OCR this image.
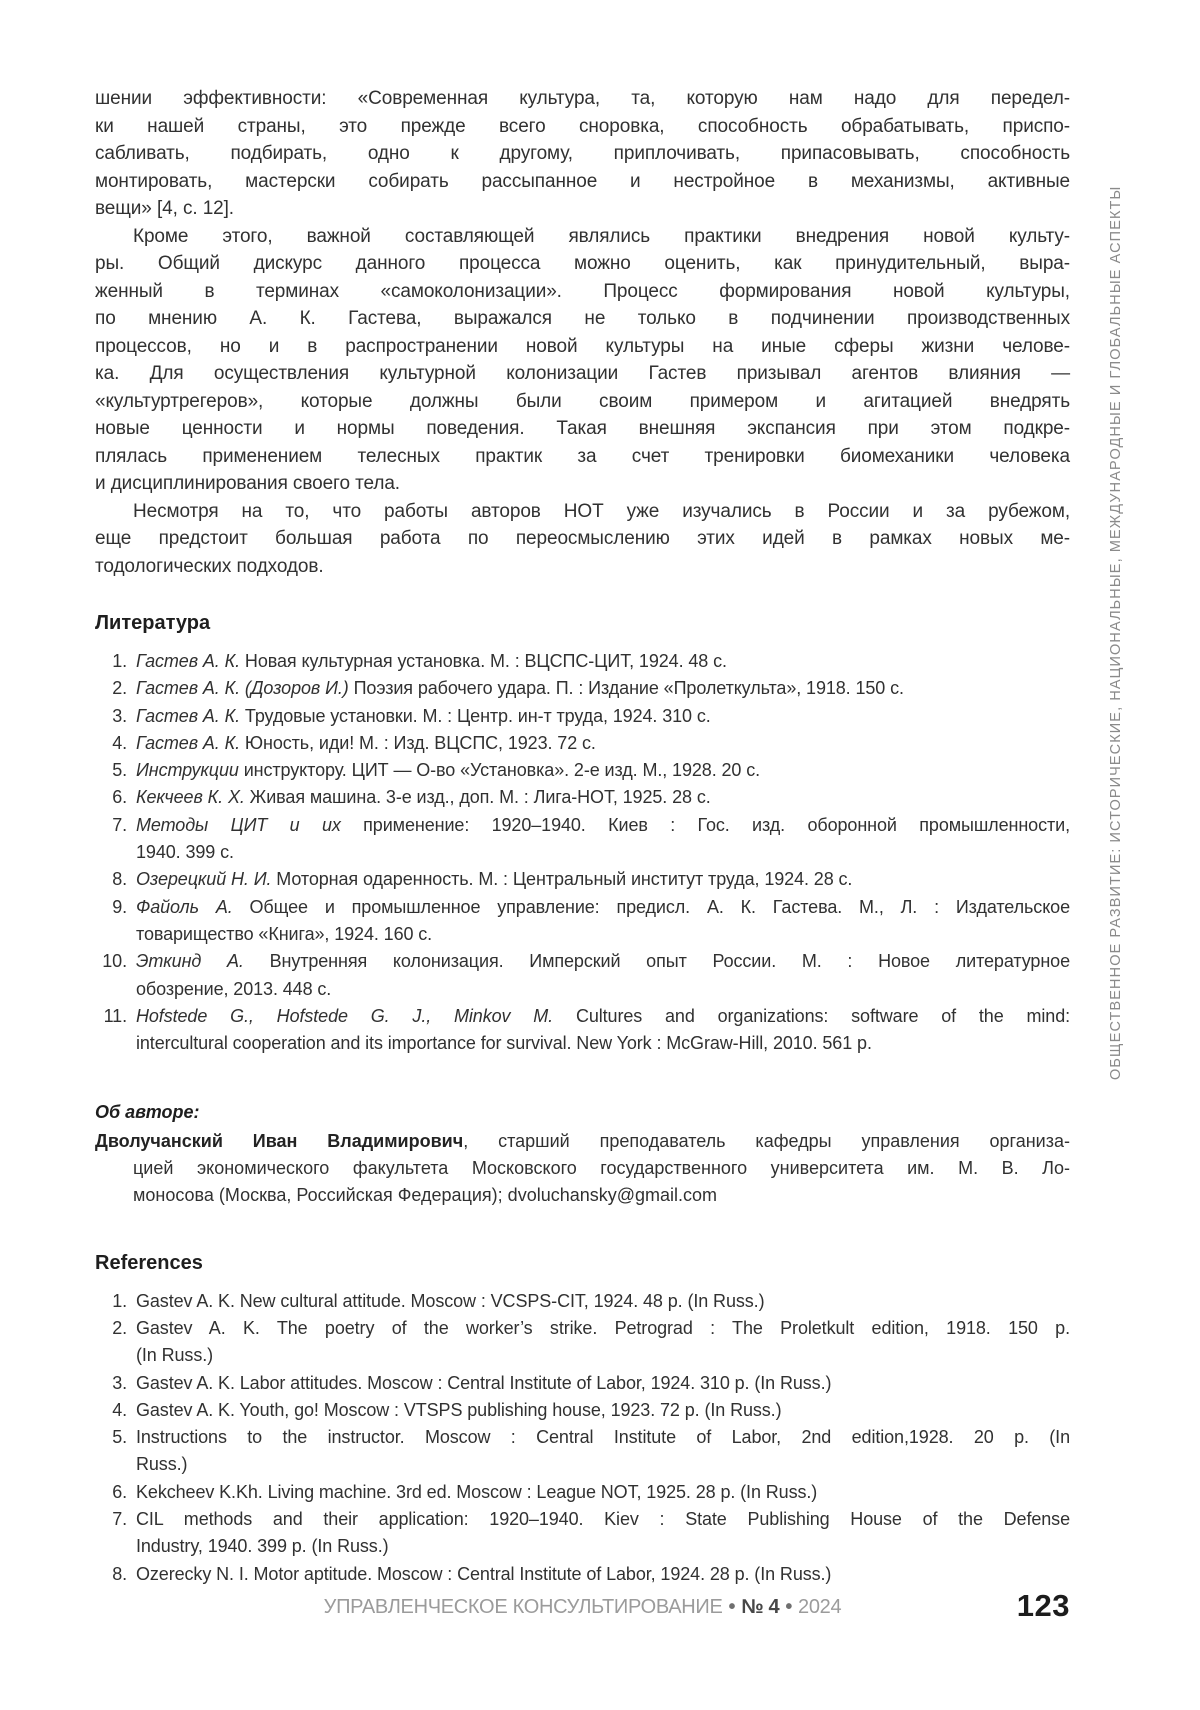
ОБЩЕСТВЕННОЕ РАЗВИТИЕ: ИСТОРИЧЕСКИЕ, НАЦИОНАЛЬНЫЕ, МЕЖДУНАРОДНЫЕ И ГЛОБАЛЬНЫЕ АСПЕКТЫ
шении эффективности: «Современная культура, та, которую нам надо для передел-
ки нашей страны, это прежде всего сноровка, способность обрабатывать, приспо-
сабливать, подбирать, одно к другому, приплочивать, припасовывать, способность
монтировать, мастерски собирать рассыпанное и нестройное в механизмы, активные
вещи» [4, с. 12].
Кроме этого, важной составляющей являлись практики внедрения новой культу-
ры. Общий дискурс данного процесса можно оценить, как принудительный, выра-
женный в терминах «самоколонизации». Процесс формирования новой культуры,
по мнению А. К. Гастева, выражался не только в подчинении производственных
процессов, но и в распространении новой культуры на иные сферы жизни челове-
ка. Для осуществления культурной колонизации Гастев призывал агентов влияния —
«культуртрегеров», которые должны были своим примером и агитацией внедрять
новые ценности и нормы поведения. Такая внешняя экспансия при этом подкре-
плялась применением телесных практик за счет тренировки биомеханики человека
и дисциплинирования своего тела.
Несмотря на то, что работы авторов НОТ уже изучались в России и за рубежом,
еще предстоит большая работа по переосмыслению этих идей в рамках новых ме-
тодологических подходов.
Литература
1. Гастев А. К. Новая культурная установка. М. : ВЦСПС-ЦИТ, 1924. 48 с.
2. Гастев А. К. (Дозоров И.) Поэзия рабочего удара. П. : Издание «Пролеткульта», 1918. 150 с.
3. Гастев А. К. Трудовые установки. М. : Центр. ин-т труда, 1924. 310 с.
4. Гастев А. К. Юность, иди! М. : Изд. ВЦСПС, 1923. 72 с.
5. Инструкции инструктору. ЦИТ — О-во «Установка». 2-е изд. М., 1928. 20 с.
6. Кекчеев К. Х. Живая машина. 3-е изд., доп. М. : Лига-НОТ, 1925. 28 с.
7. Методы ЦИТ и их применение: 1920–1940. Киев : Гос. изд. оборонной промышленности,
1940. 399 с.
8. Озерецкий Н. И. Моторная одаренность. М. : Центральный институт труда, 1924. 28 с.
9. Файоль А. Общее и промышленное управление: предисл. А. К. Гастева. М., Л. : Издательское
товарищество «Книга», 1924. 160 с.
10. Эткинд А. Внутренняя колонизация. Имперский опыт России. М. : Новое литературное
обозрение, 2013. 448 с.
11. Hofstede G., Hofstede G. J., Minkov M. Cultures and organizations: software of the mind:
intercultural cooperation and its importance for survival. New York : McGraw-Hill, 2010. 561 p.
Об авторе:
Дволучанский Иван Владимирович, старший преподаватель кафедры управления организа-
цией экономического факультета Московского государственного университета им. М. В. Ло-
моносова (Москва, Российская Федерация); dvoluchansky@gmail.com
References
1. Gastev A. K. New cultural attitude. Moscow : VCSPS-CIT, 1924. 48 p. (In Russ.)
2. Gastev A. K. The poetry of the worker’s strike. Petrograd : The Proletkult edition, 1918. 150 p.
(In Russ.)
3. Gastev A. K. Labor attitudes. Moscow : Central Institute of Labor, 1924. 310 p. (In Russ.)
4. Gastev A. K. Youth, go! Moscow : VTSPS publishing house, 1923. 72 p. (In Russ.)
5. Instructions to the instructor. Moscow : Central Institute of Labor, 2nd edition,1928. 20 p. (In
Russ.)
6. Kekcheev K.Kh. Living machine. 3rd ed. Moscow : League NOT, 1925. 28 p. (In Russ.)
7. CIL methods and their application: 1920–1940. Kiev : State Publishing House of the Defense
Industry, 1940. 399 p. (In Russ.)
8. Ozerecky N. I. Motor aptitude. Moscow : Central Institute of Labor, 1924. 28 p. (In Russ.)
УПРАВЛЕНЧЕСКОЕ КОНСУЛЬТИРОВАНИЕ • № 4 • 2024	123
